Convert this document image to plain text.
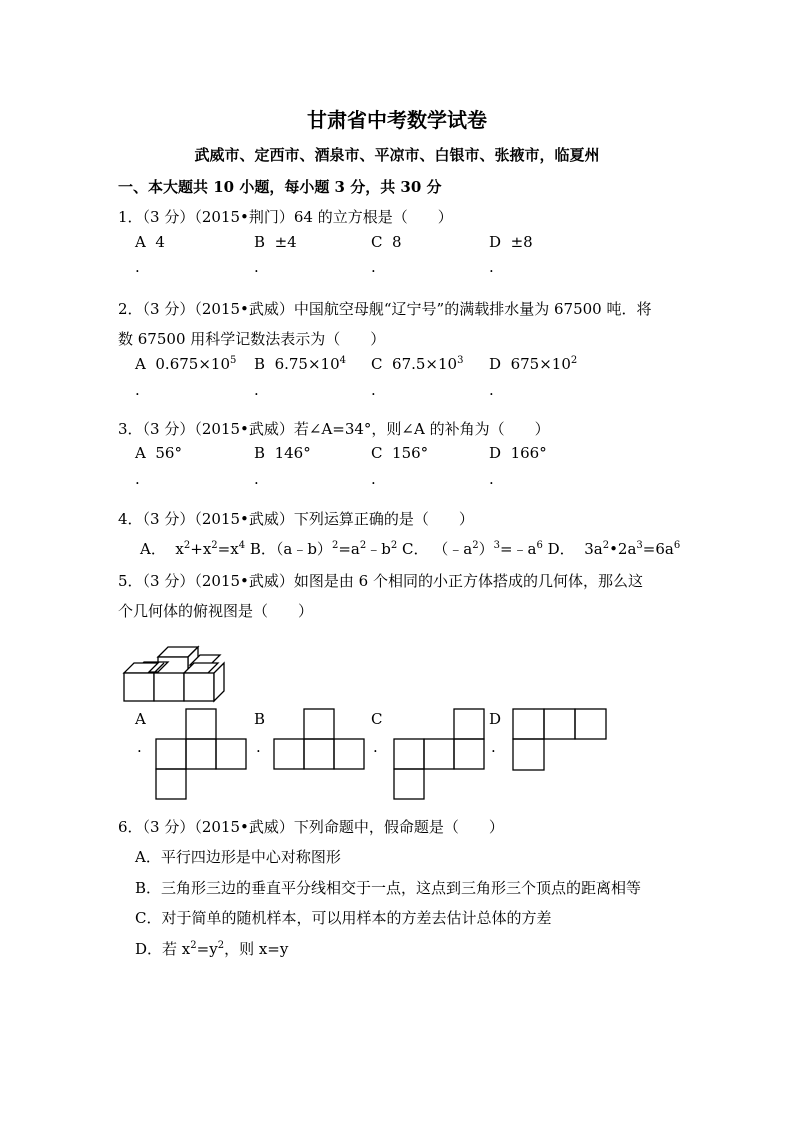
甘肃省中考数学试卷
武威市、定西市、酒泉市、平凉市、白银市、张掖市，临夏州
一、本大题共 10 小题，每小题 3 分，共 30 分
1．（3 分）（2015•荆门）64 的立方根是（　　）
A 4	B ±4	C 8	D ±8
.	.	.	.
2．（3 分）（2015•武威）中国航空母舰“辽宁号”的满载排水量为 67500 吨．将
数 67500 用科学记数法表示为（　　）
A $0.675\times 10^5$ B $6.75\times 10^4$ C $67.5\times 10^3$ D $675\times 10^2$
.	.	.	.
3．（3 分）（2015•武威）若∠A=34°，则∠A 的补角为（　　）
A 56°	B 146°	C 156°	D 166°
.	.	.	.
4．（3 分）（2015•武威）下列运算正确的是（　　）
A． $x^2+x^2=x^4$ B．$(a﹣b)^2=a^2﹣b^2$ C． $(﹣a^2)^3=﹣a^6$ D． $3a^2•2a^3=6a^6$
5．（3 分）（2015•武威）如图是由 6 个相同的小正方体搭成的几何体，那么这
个几何体的俯视图是（　　）
A
.
B
.
C
.
D
.
6．（3 分）（2015•武威）下列命题中，假命题是（　　）
A．平行四边形是中心对称图形
B．三角形三边的垂直平分线相交于一点，这点到三角形三个顶点的距离相等
C．对于简单的随机样本，可以用样本的方差去估计总体的方差
D．若 $x^2=y^2$，则 x=y
